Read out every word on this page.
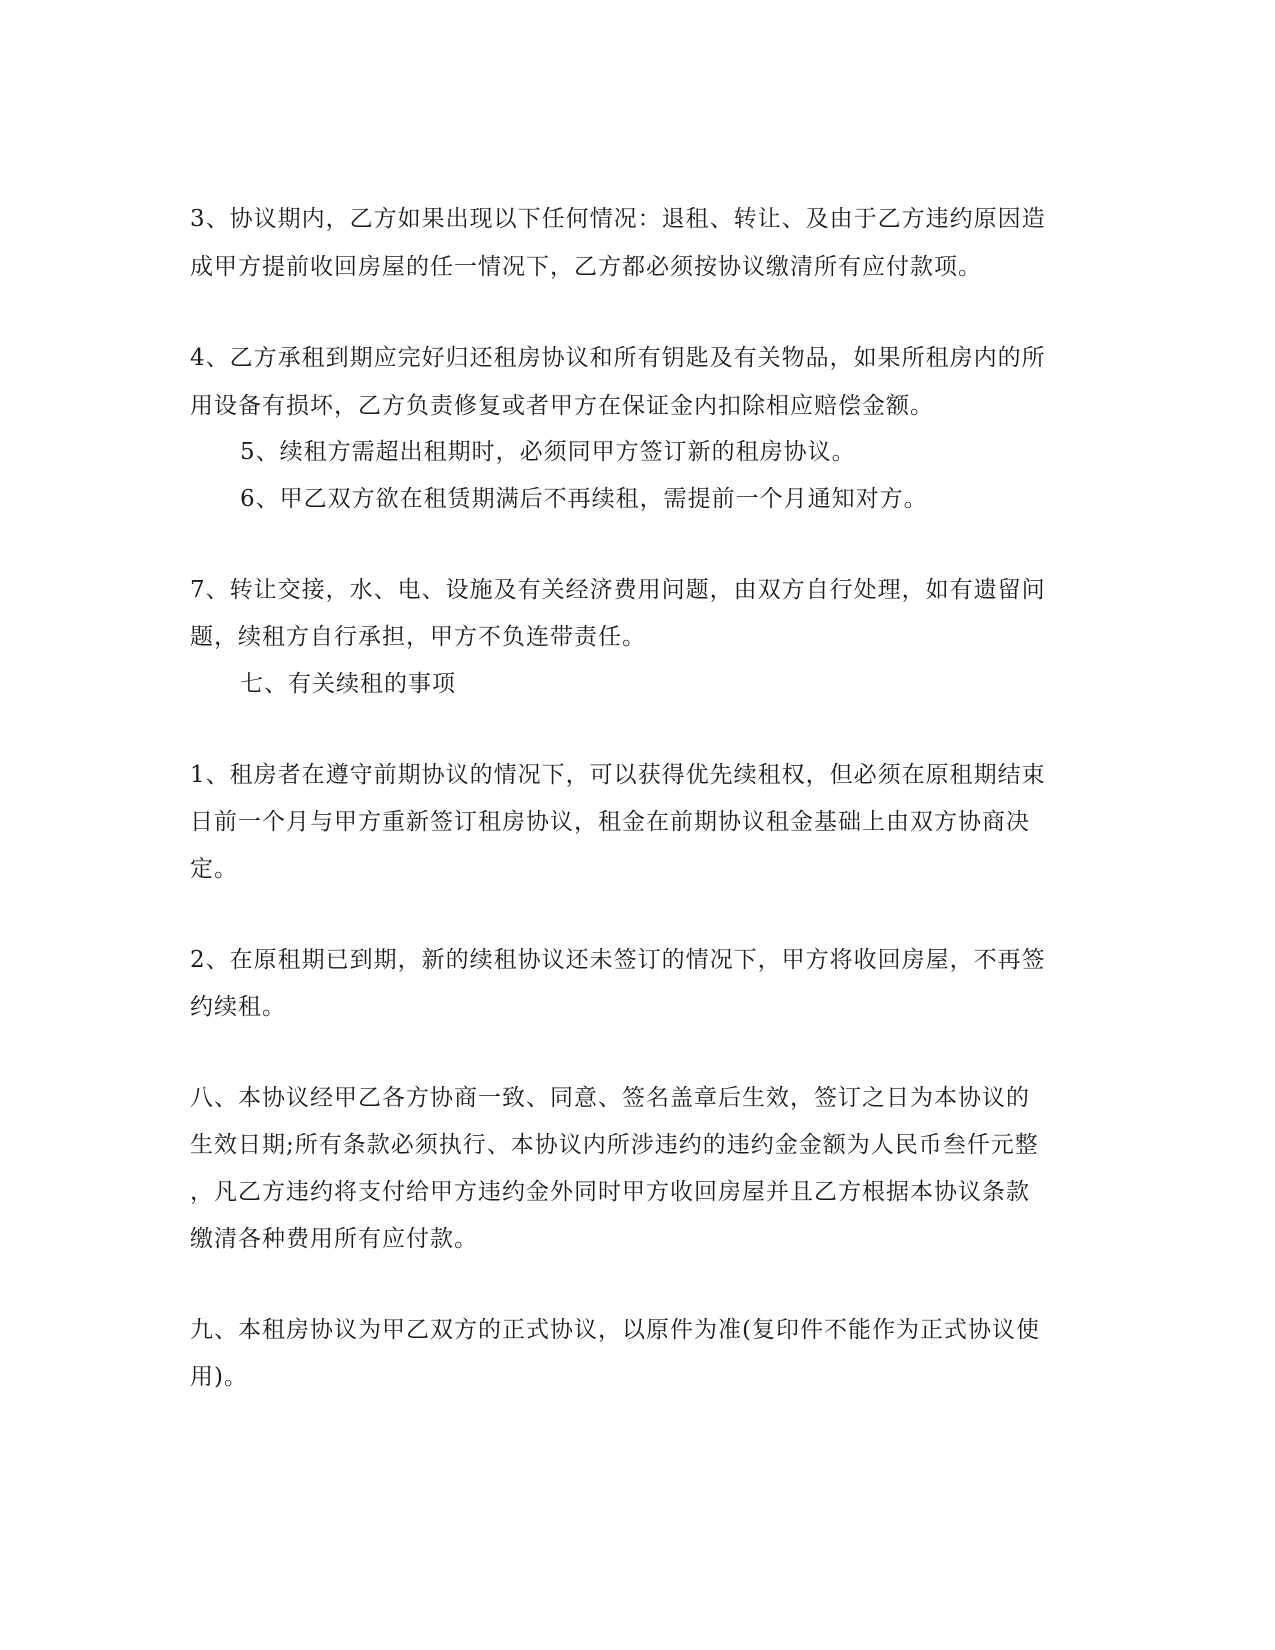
3、协议期内，乙方如果出现以下任何情况：退租、转让、及由于乙方违约原因造
成甲方提前收回房屋的任一情况下，乙方都必须按协议缴清所有应付款项。
4、乙方承租到期应完好归还租房协议和所有钥匙及有关物品，如果所租房内的所
用设备有损坏，乙方负责修复或者甲方在保证金内扣除相应赔偿金额。
5、续租方需超出租期时，必须同甲方签订新的租房协议。
6、甲乙双方欲在租赁期满后不再续租，需提前一个月通知对方。
7、转让交接，水、电、设施及有关经济费用问题，由双方自行处理，如有遗留问
题，续租方自行承担，甲方不负连带责任。
七、有关续租的事项
1、租房者在遵守前期协议的情况下，可以获得优先续租权，但必须在原租期结束
日前一个月与甲方重新签订租房协议，租金在前期协议租金基础上由双方协商决
定。
2、在原租期已到期，新的续租协议还未签订的情况下，甲方将收回房屋，不再签
约续租。
八、本协议经甲乙各方协商一致、同意、签名盖章后生效，签订之日为本协议的
生效日期;所有条款必须执行、本协议内所涉违约的违约金金额为人民币叁仟元整
，凡乙方违约将支付给甲方违约金外同时甲方收回房屋并且乙方根据本协议条款
缴清各种费用所有应付款。
九、本租房协议为甲乙双方的正式协议，以原件为准(复印件不能作为正式协议使
用)。
